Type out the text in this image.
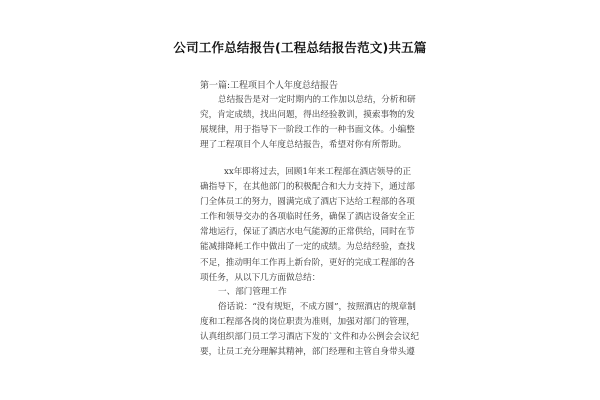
公司工作总结报告(工程总结报告范文)共五篇
第一篇:工程项目个人年度总结报告
总结报告是对一定时期内的工作加以总结，分析和研
究，肯定成绩，找出问题，得出经验教训，摸索事物的发
展规律，用于指导下一阶段工作的一种书面文体。小编整
理了工程项目个人年度总结报告，希望对你有所帮助。
xx年即将过去，回顾1年来工程部在酒店领导的正
确指导下，在其他部门的积极配合和大力支持下，通过部
门全体员工的努力，圆满完成了酒店下达给工程部的各项
工作和领导交办的各项临时任务，确保了酒店设备安全正
常地运行，保证了酒店水电气能源的正常供给，同时在节
能减排降耗工作中做出了一定的成绩。为总结经验，查找
不足，推动明年工作再上新台阶，更好的完成工程部的各
项任务，从以下几方面做总结：
一、部门管理工作
俗话说：“没有规矩，不成方圆”，按照酒店的规章制
度和工程部各岗的岗位职责为准则，加强对部门的管理，
认真组织部门员工学习酒店下发的`文件和办公例会会议纪
要，让员工充分理解其精神，部门经理和主管自身带头遵
